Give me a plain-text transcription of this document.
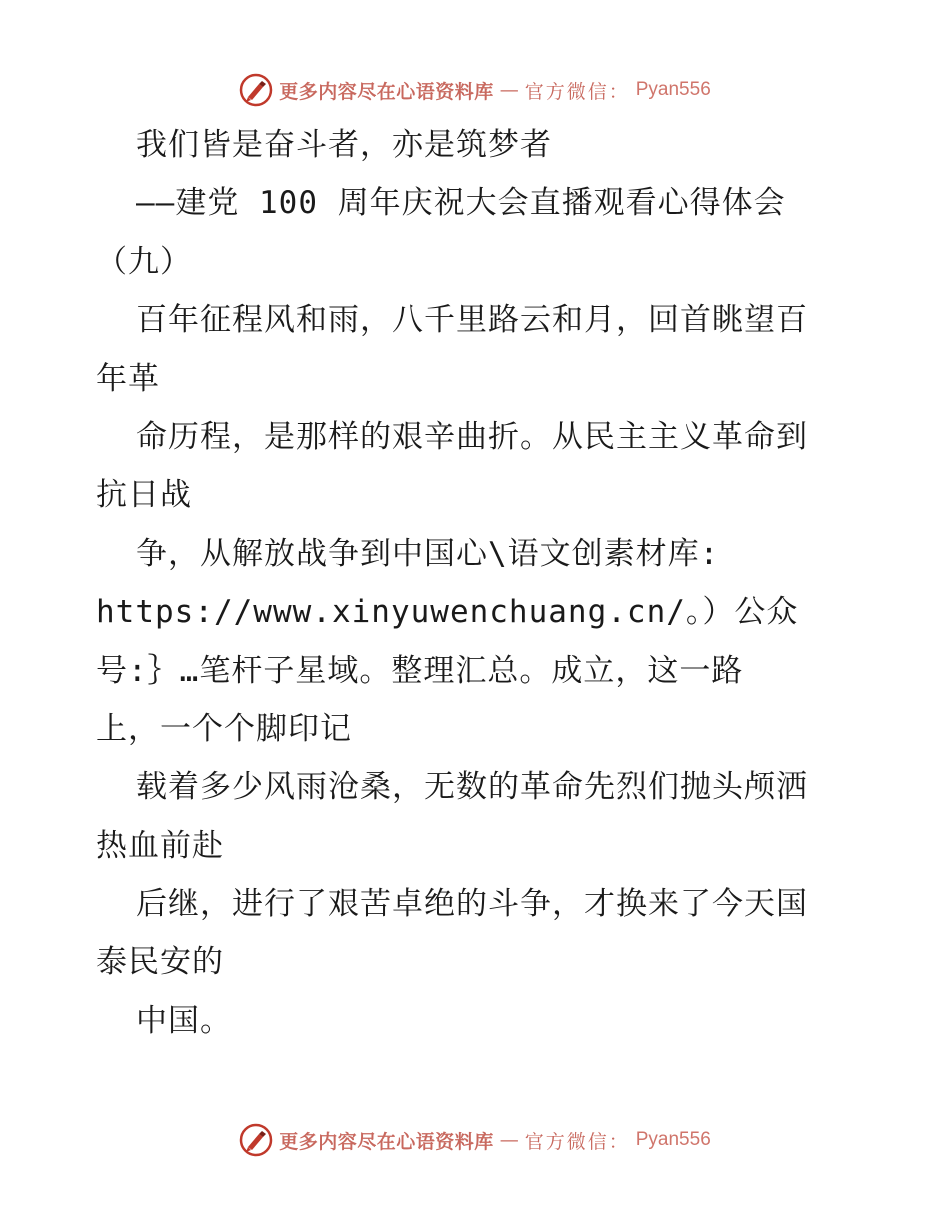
更多内容尽在心语资料库 — 官方微信： Pyan556
我们皆是奋斗者，亦是筑梦者
——建党 100 周年庆祝大会直播观看心得体会
（九）
百年征程风和雨，八千里路云和月，回首眺望百
年革
命历程，是那样的艰辛曲折。从民主主义革命到
抗日战
争，从解放战争到中国心\语文创素材库:
https://www.xinyuwenchuang.cn/。）公众
号:｝…笔杆子星域。整理汇总。成立，这一路
上，一个个脚印记
载着多少风雨沧桑，无数的革命先烈们抛头颅洒
热血前赴
后继，进行了艰苦卓绝的斗争，才换来了今天国
泰民安的
中国。
更多内容尽在心语资料库 — 官方微信： Pyan556
